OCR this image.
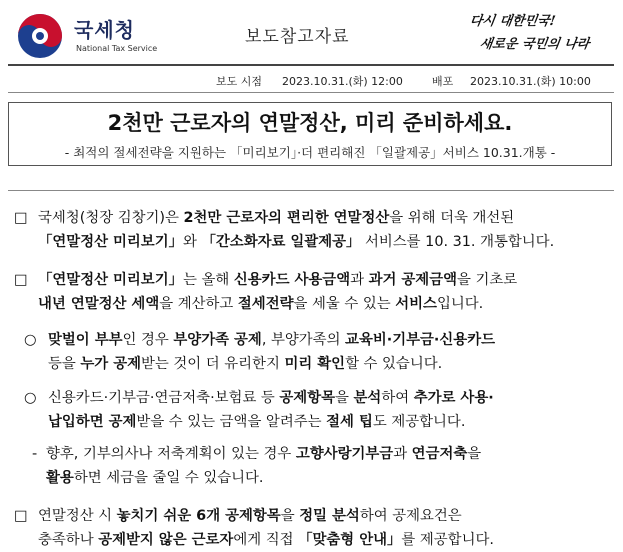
국세청
National Tax Service
보도참고자료
다시 대한민국!
새로운 국민의 나라
보도 시점 2023.10.31.(화) 12:00	배포 2023.10.31.(화) 10:00
2천만 근로자의 연말정산, 미리 준비하세요.
- 최적의 절세전략을 지원하는 「미리보기」·더 편리해진 「일괄제공」서비스 10.31.개통 -
□ 국세청(청장 김창기)은 2천만 근로자의 편리한 연말정산을 위해 더욱 개선된
「연말정산 미리보기」와 「간소화자료 일괄제공」 서비스를 10. 31. 개통합니다.
□ 「연말정산 미리보기」는 올해 신용카드 사용금액과 과거 공제금액을 기초로
내년 연말정산 세액을 계산하고 절세전략을 세울 수 있는 서비스입니다.
○ 맞벌이 부부인 경우 부양가족 공제, 부양가족의 교육비·기부금·신용카드
등을 누가 공제받는 것이 더 유리한지 미리 확인할 수 있습니다.
○ 신용카드·기부금·연금저축·보험료 등 공제항목을 분석하여 추가로 사용·
납입하면 공제받을 수 있는 금액을 알려주는 절세 팁도 제공합니다.
- 향후, 기부의사나 저축계획이 있는 경우 고향사랑기부금과 연금저축을
활용하면 세금을 줄일 수 있습니다.
□ 연말정산 시 놓치기 쉬운 6개 공제항목을 정밀 분석하여 공제요건은
충족하나 공제받지 않은 근로자에게 직접 「맞춤형 안내」를 제공합니다.
